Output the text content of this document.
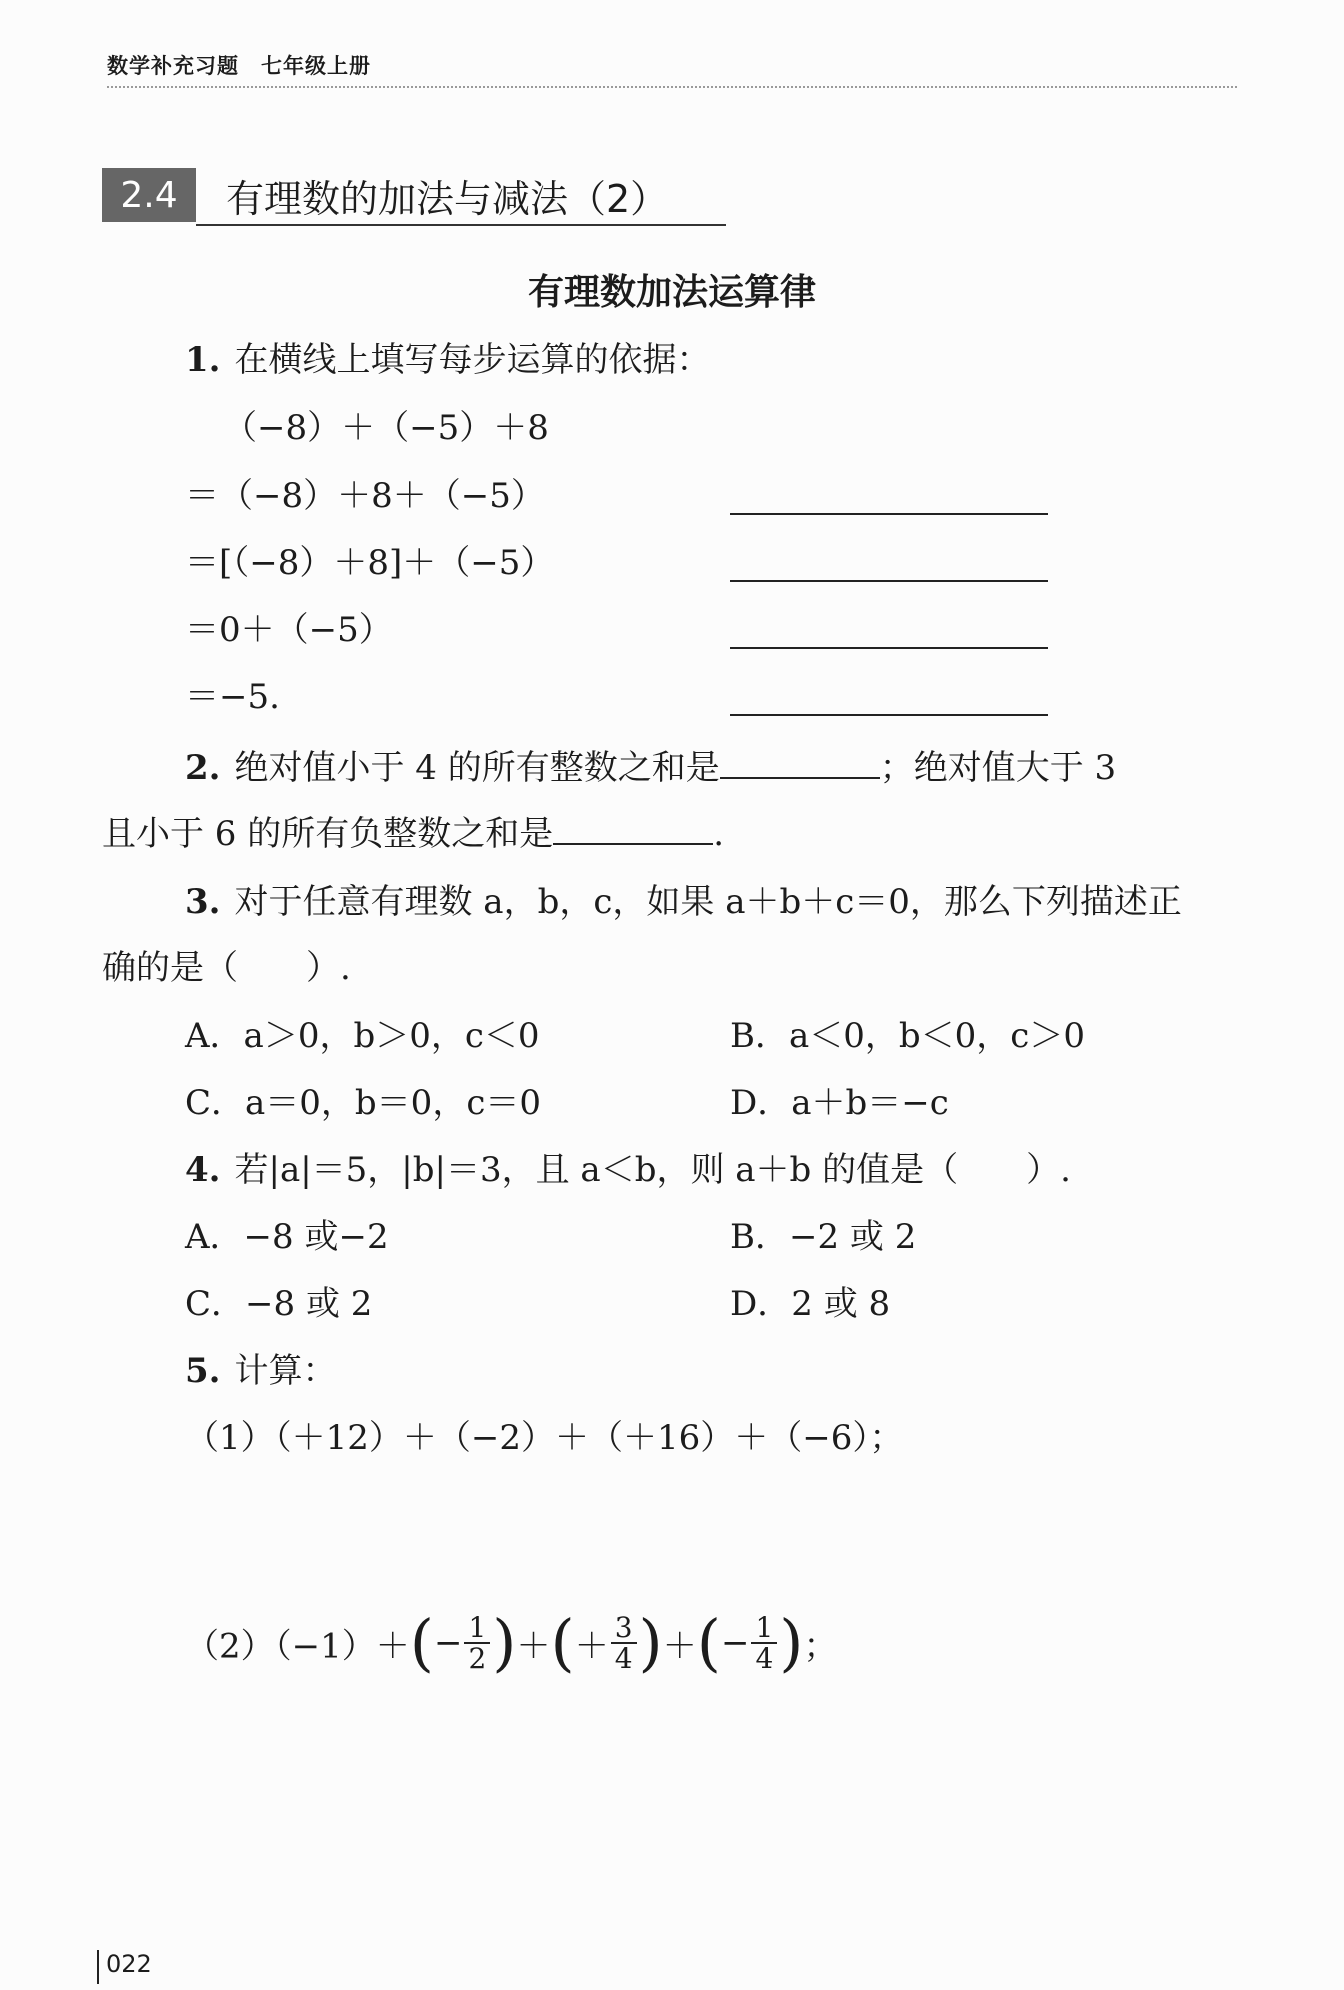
数学补充习题　七年级上册
2.4	有理数的加法与减法（2）
有理数加法运算律
1. 在横线上填写每步运算的依据：
（−8）＋（−5）＋8
＝（−8）＋8＋（−5）
＝[（−8）＋8]＋（−5）
＝0＋（−5）
＝−5.
2. 绝对值小于 4 的所有整数之和是	；绝对值大于 3
且小于 6 的所有负整数之和是	.
3. 对于任意有理数 a，b，c，如果 a＋b＋c＝0，那么下列描述正
确的是（　　）.
A．a＞0，b＞0，c＜0	B．a＜0，b＜0，c＞0
C．a＝0，b＝0，c＝0	D．a＋b＝−c
4. 若|a|＝5，|b|＝3，且 a＜b，则 a＋b 的值是（　　）.
A．−8 或−2	B．−2 或 2
C．−8 或 2	D．2 或 8
5. 计算：
（1）（＋12）＋（−2）＋（＋16）＋（−6）；
$(2)(-1)+(- \frac{1}{2}$ )＋(＋ $\frac{3}{4}$ )＋(− $\frac{1}{4}$ )；
022
